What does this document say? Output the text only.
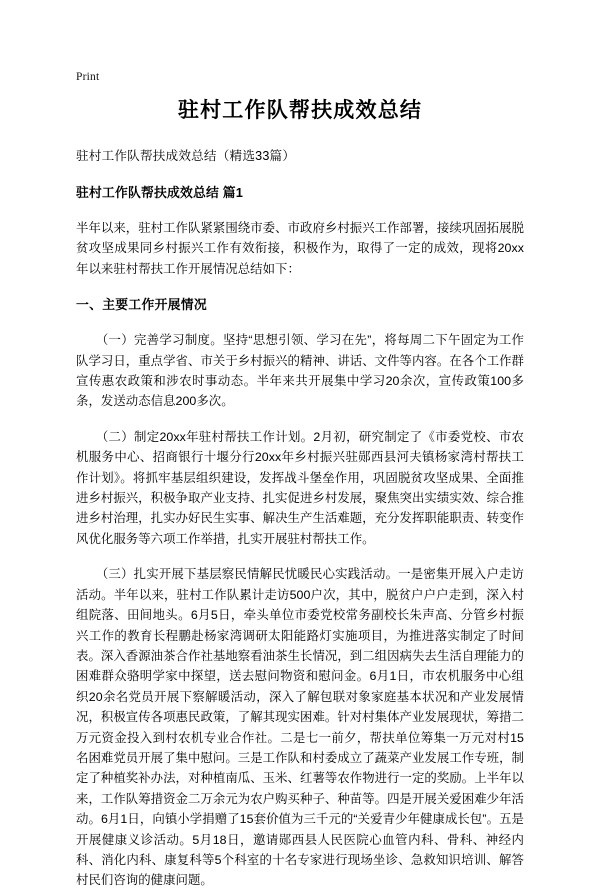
Print
驻村工作队帮扶成效总结

驻村工作队帮扶成效总结（精选33篇）

驻村工作队帮扶成效总结 篇1

半年以来，驻村工作队紧紧围绕市委、市政府乡村振兴工作部署，接续巩固拓展脱贫攻坚成果同乡村振兴工作有效衔接，积极作为，取得了一定的成效，现将20xx年以来驻村帮扶工作开展情况总结如下：

一、主要工作开展情况

（一）完善学习制度。坚持“思想引领、学习在先”，将每周二下午固定为工作队学习日，重点学省、市关于乡村振兴的精神、讲话、文件等内容。在各个工作群宣传惠农政策和涉农时事动态。半年来共开展集中学习20余次，宣传政策100多条，发送动态信息200多次。

（二）制定20xx年驻村帮扶工作计划。2月初，研究制定了《市委党校、市农机服务中心、招商银行十堰分行20xx年乡村振兴驻郧西县河夫镇杨家湾村帮扶工作计划》。将抓牢基层组织建设，发挥战斗堡垒作用，巩固脱贫攻坚成果、全面推进乡村振兴，积极争取产业支持、扎实促进乡村发展，聚焦突出实绩实效、综合推进乡村治理，扎实办好民生实事、解决生产生活难题，充分发挥职能职责、转变作风优化服务等六项工作举措，扎实开展驻村帮扶工作。

（三）扎实开展下基层察民情解民忧暖民心实践活动。一是密集开展入户走访活动。半年以来，驻村工作队累计走访500户次，其中，脱贫户户户走到，深入村组院落、田间地头。6月5日，牵头单位市委党校常务副校长朱声高、分管乡村振兴工作的教育长程鹏赴杨家湾调研太阳能路灯实施项目，为推进落实制定了时间表。深入香源油茶合作社基地察看油茶生长情况，到二组因病失去生活自理能力的困难群众骆明学家中探望，送去慰问物资和慰问金。6月1日，市农机服务中心组织20余名党员开展下察解暖活动，深入了解包联对象家庭基本状况和产业发展情况，积极宣传各项惠民政策，了解其现实困难。针对村集体产业发展现状，筹措二万元资金投入到村农机专业合作社。二是七一前夕，帮扶单位筹集一万元对村15名困难党员开展了集中慰问。三是工作队和村委成立了蔬菜产业发展工作专班，制定了种植奖补办法，对种植南瓜、玉米、红薯等农作物进行一定的奖励。上半年以来，工作队筹措资金二万余元为农户购买种子、种苗等。四是开展关爱困难少年活动。6月1日，向镇小学捐赠了15套价值为三千元的“关爱青少年健康成长包”。五是开展健康义诊活动。5月18日，邀请郧西县人民医院心血管内科、骨科、神经内科、消化内科、康复科等5个科室的十名专家进行现场坐诊、急救知识培训、解答村民们咨询的健康问题。
